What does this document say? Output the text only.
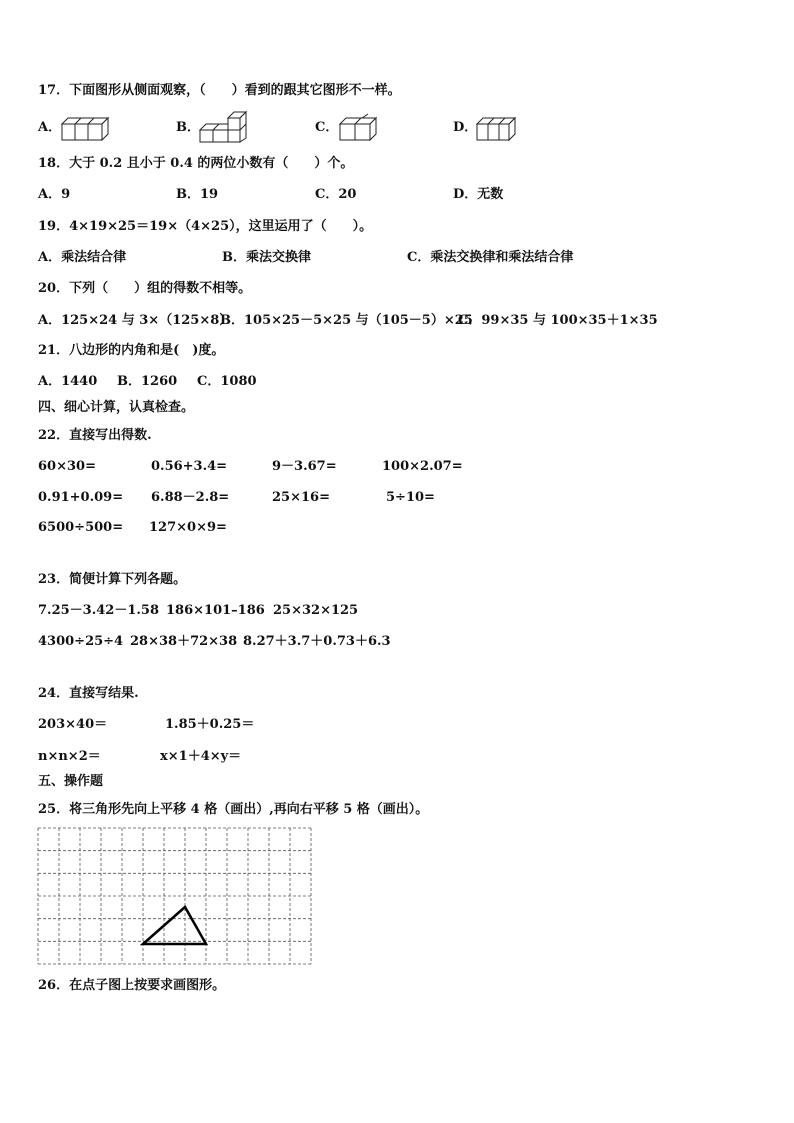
17．下面图形从侧面观察，（　　）看到的跟其它图形不一样。
A．	B．	C．	D．
18．大于 0.2 且小于 0.4 的两位小数有（　　）个。
A．9	B．19	C．20	D．无数
19．4×19×25＝19×（4×25），这里运用了（　　）。
A．乘法结合律	B．乘法交换律	C．乘法交换律和乘法结合律
20．下列（　　）组的得数不相等。
A．125×24 与 3×（125×8）
B．105×25－5×25 与（105－5）×25
C．99×35 与 100×35＋1×35
21．八边形的内角和是(　)度。
A．1440 B．1260 C．1080
四、细心计算，认真检查。
22．直接写出得数.
60×30=	0.56+3.4=	9－3.67=	100×2.07=
0.91+0.09= 6.88－2.8=	25×16=	5÷10=
6500÷500= 127×0×9=
23．简便计算下列各题。
7.25－3.42－1.58 186×101–186 25×32×125
4300÷25÷4 28×38＋72×38 8.27＋3.7＋0.73＋6.3
24．直接写结果.
203×40＝	1.85＋0.25＝
n×n×2＝	x×1＋4×y＝
五、操作题
25．将三角形先向上平移 4 格（画出）,再向右平移 5 格（画出）。
26．在点子图上按要求画图形。
